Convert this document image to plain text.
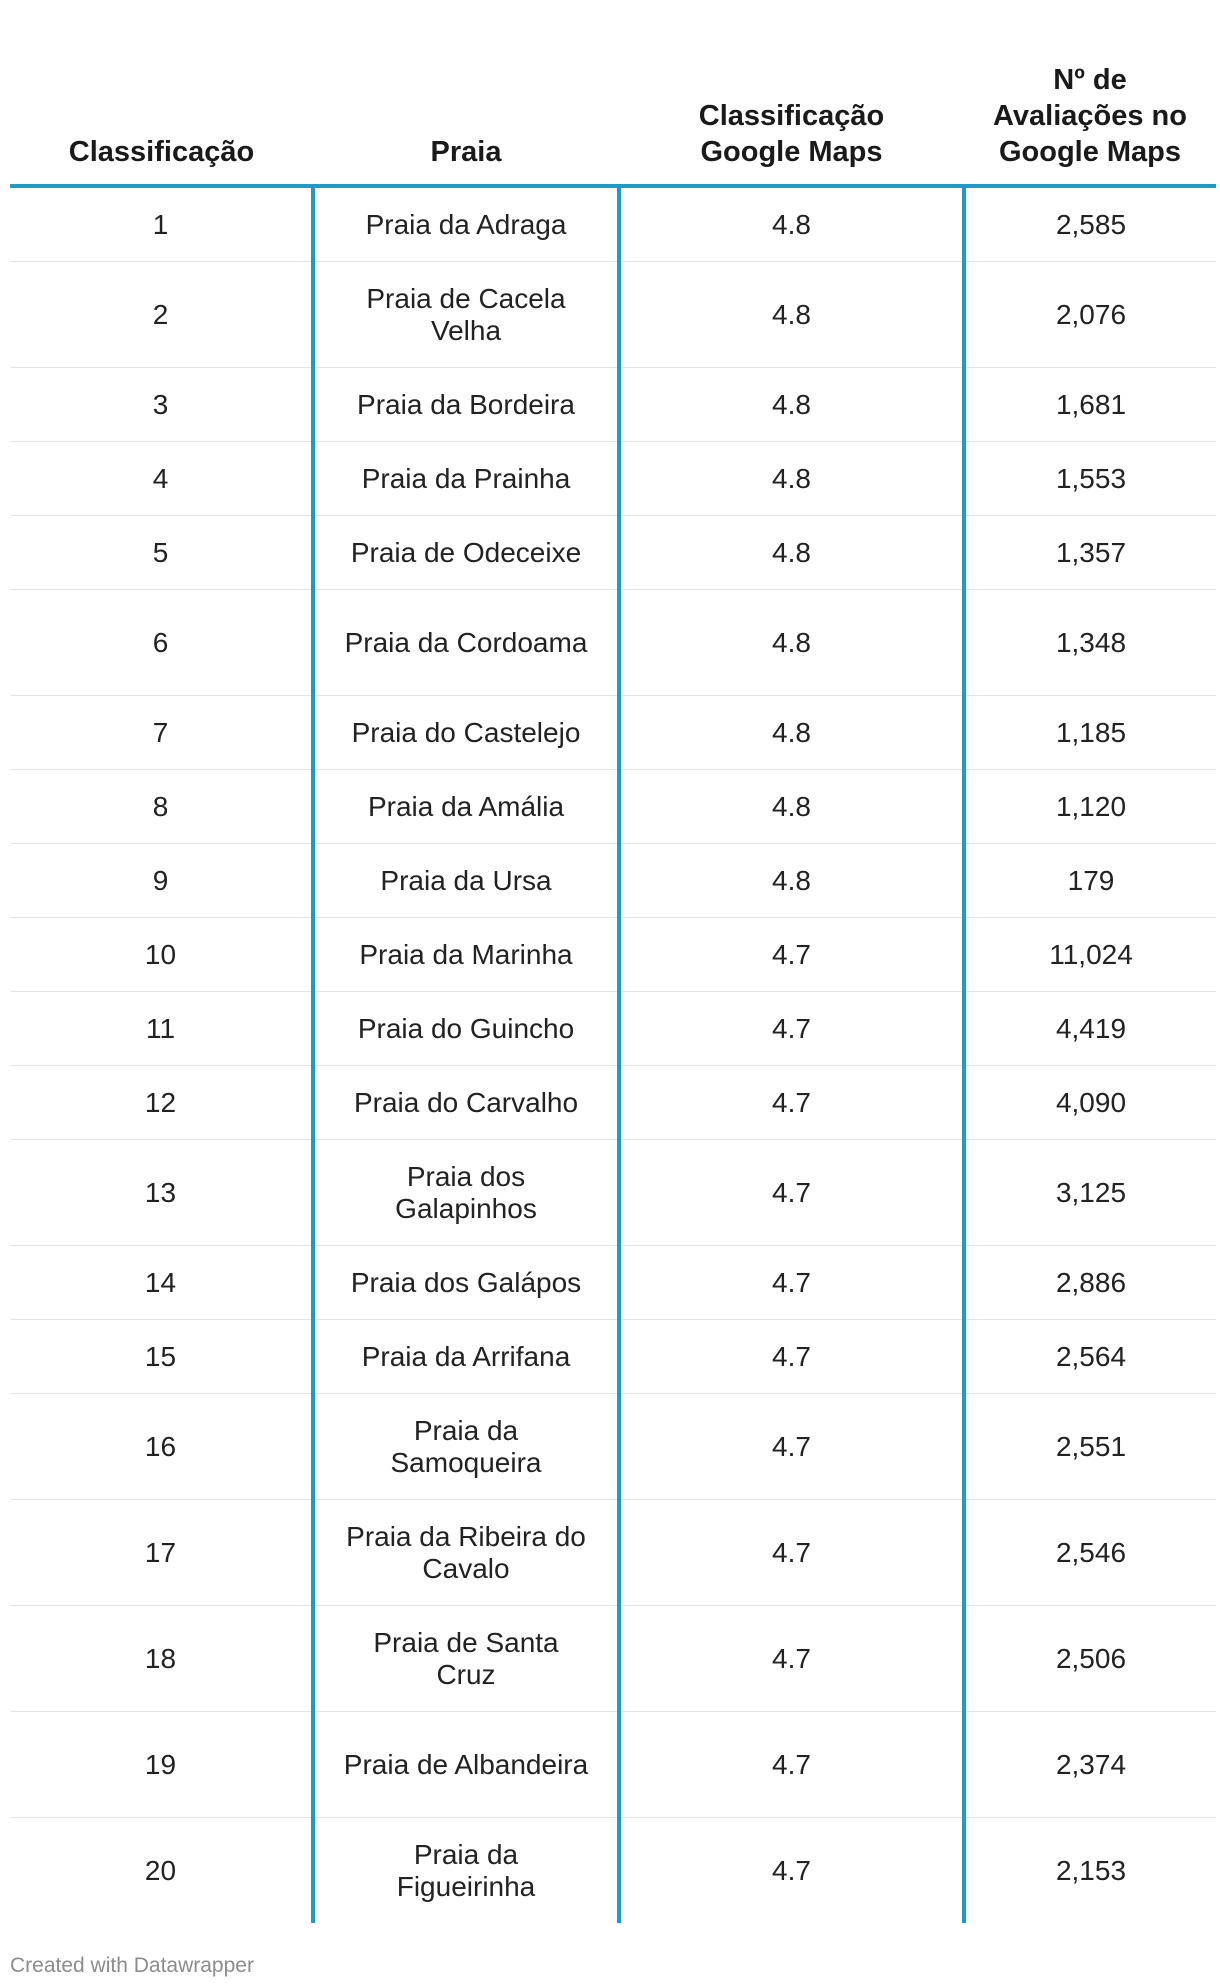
Classificação	Praia	Classificação Google Maps	Nº de Avaliações no Google Maps
1	Praia da Adraga	4.8	2,585
2	Praia de Cacela Velha	4.8	2,076
3	Praia da Bordeira	4.8	1,681
4	Praia da Prainha	4.8	1,553
5	Praia de Odeceixe	4.8	1,357
6	Praia da Cordoama	4.8	1,348
7	Praia do Castelejo	4.8	1,185
8	Praia da Amália	4.8	1,120
9	Praia da Ursa	4.8	179
10	Praia da Marinha	4.7	11,024
11	Praia do Guincho	4.7	4,419
12	Praia do Carvalho	4.7	4,090
13	Praia dos Galapinhos	4.7	3,125
14	Praia dos Galápos	4.7	2,886
15	Praia da Arrifana	4.7	2,564
16	Praia da Samoqueira	4.7	2,551
17	Praia da Ribeira do Cavalo	4.7	2,546
18	Praia de Santa Cruz	4.7	2,506
19	Praia de Albandeira	4.7	2,374
20	Praia da Figueirinha	4.7	2,153
Created with Datawrapper
